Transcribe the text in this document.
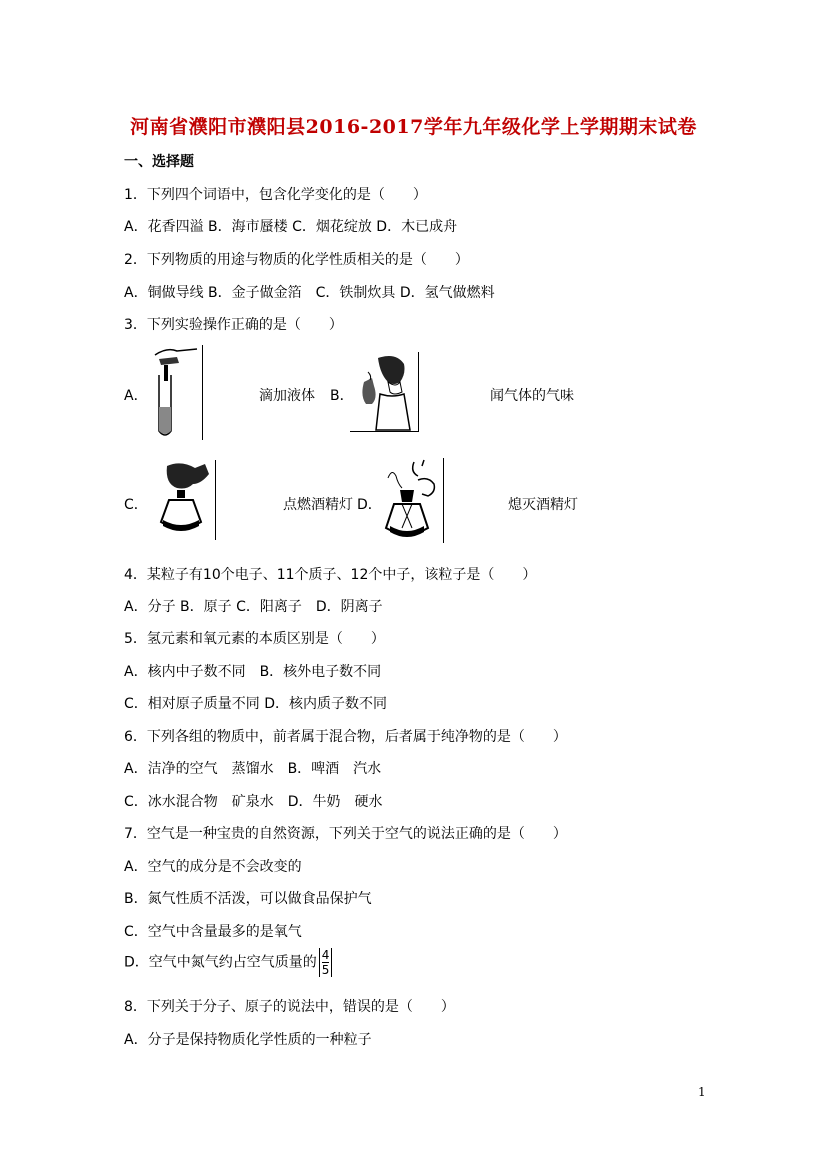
河南省濮阳市濮阳县2016-2017学年九年级化学上学期期末试卷
一、选择题
1．下列四个词语中，包含化学变化的是（　　）
A．花香四溢 B．海市蜃楼 C．烟花绽放 D．木已成舟
2．下列物质的用途与物质的化学性质相关的是（　　）
A．铜做导线 B．金子做金箔　C．铁制炊具 D．氢气做燃料
3．下列实验操作正确的是（　　）
A．	滴加液体 B．	闻气体的气味
C．	点燃酒精灯 D．	熄灭酒精灯
4．某粒子有10个电子、11个质子、12个中子，该粒子是（　　）
A．分子 B．原子 C．阳离子　D．阴离子
5．氢元素和氧元素的本质区别是（　　）
A．核内中子数不同　B．核外电子数不同
C．相对原子质量不同 D．核内质子数不同
6．下列各组的物质中，前者属于混合物，后者属于纯净物的是（　　）
A．洁净的空气　蒸馏水　B．啤酒　汽水
C．冰水混合物　矿泉水　D．牛奶　硬水
7．空气是一种宝贵的自然资源，下列关于空气的说法正确的是（　　）
A．空气的成分是不会改变的
B．氮气性质不活泼，可以做食品保护气
C．空气中含量最多的是氧气
D．空气中氮气约占空气质量的 $\frac{4}{5}$
8．下列关于分子、原子的说法中，错误的是（　　）
A．分子是保持物质化学性质的一种粒子
1
